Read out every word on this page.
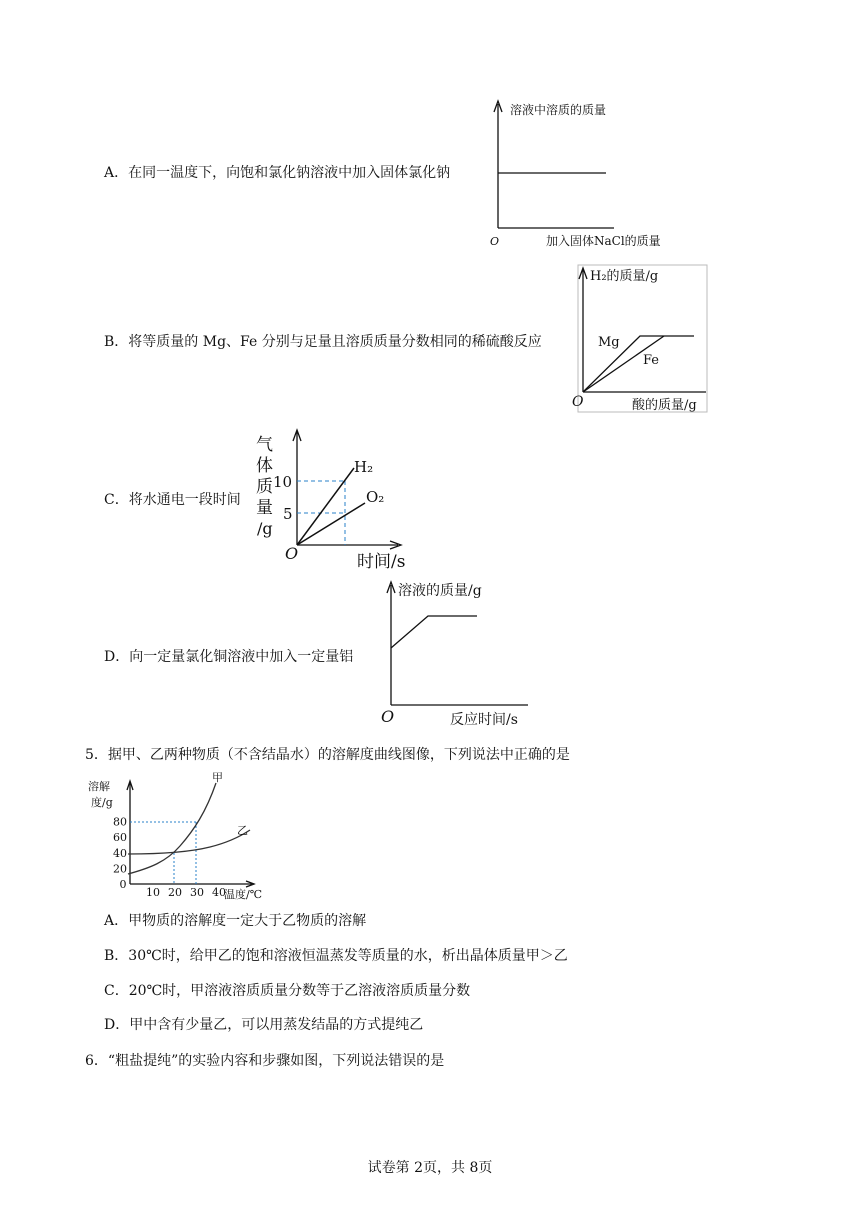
A．在同一温度下，向饱和氯化钠溶液中加入固体氯化钠
溶液中溶质的质量
加入固体NaCl的质量
O
B．将等质量的 Mg、Fe 分别与足量且溶质质量分数相同的稀硫酸反应
H₂的质量/g
酸的质量/g
O
Mg
Fe
C．将水通电一段时间
气
体
质
量
/g
10
5
H₂
O₂
O	时间/s
D．向一定量氯化铜溶液中加入一定量铝
溶液的质量/g
反应时间/s
O
5．据甲、乙两种物质（不含结晶水）的溶解度曲线图像，下列说法中正确的是
溶解
度/g
0
20
40
60
80
10 20 30 40
甲
乙
温度/℃
A．甲物质的溶解度一定大于乙物质的溶解
B．30℃时，给甲乙的饱和溶液恒温蒸发等质量的水，析出晶体质量甲＞乙
C．20℃时，甲溶液溶质质量分数等于乙溶液溶质质量分数
D．甲中含有少量乙，可以用蒸发结晶的方式提纯乙
6．“粗盐提纯”的实验内容和步骤如图，下列说法错误的是
试卷第 2页，共 8页
